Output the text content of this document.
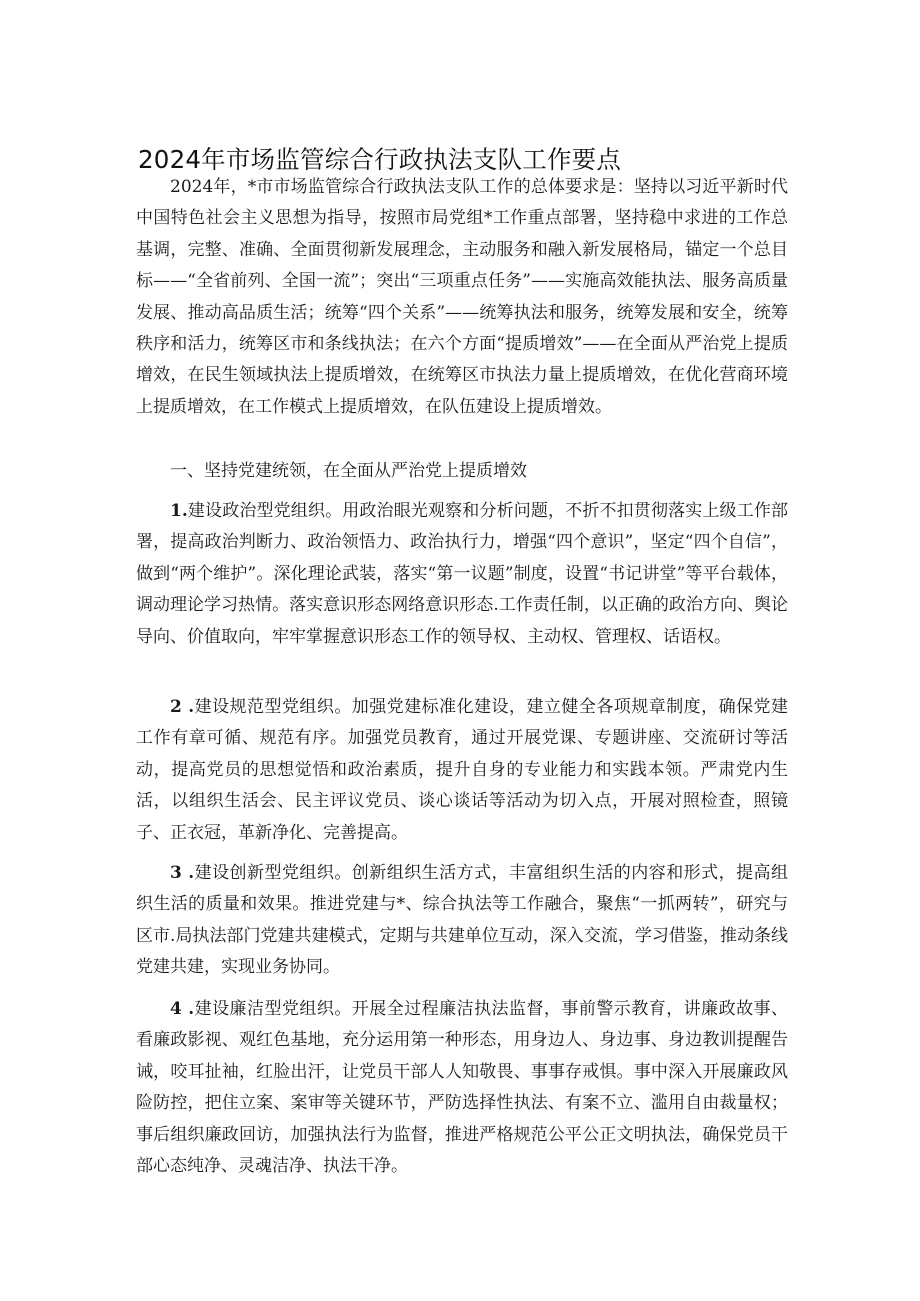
2024年市场监管综合行政执法支队工作要点

2024年，*市市场监管综合行政执法支队工作的总体要求是：坚持以习近平新时代中国特色社会主义思想为指导，按照市局党组*工作重点部署，坚持稳中求进的工作总基调，完整、准确、全面贯彻新发展理念，主动服务和融入新发展格局，锚定一个总目标——“全省前列、全国一流”；突出“三项重点任务”——实施高效能执法、服务高质量发展、推动高品质生活；统筹“四个关系”——统筹执法和服务，统筹发展和安全，统筹秩序和活力，统筹区市和条线执法；在六个方面“提质增效”——在全面从严治党上提质增效，在民生领域执法上提质增效，在统筹区市执法力量上提质增效，在优化营商环境上提质增效，在工作模式上提质增效，在队伍建设上提质增效。

一、坚持党建统领，在全面从严治党上提质增效

1.建设政治型党组织。用政治眼光观察和分析问题，不折不扣贯彻落实上级工作部署，提高政治判断力、政治领悟力、政治执行力，增强“四个意识”，坚定“四个自信”，做到“两个维护”。深化理论武装，落实“第一议题”制度，设置“书记讲堂”等平台载体，调动理论学习热情。落实意识形态网络意识形态.工作责任制，以正确的政治方向、舆论导向、价值取向，牢牢掌握意识形态工作的领导权、主动权、管理权、话语权。

2 .建设规范型党组织。加强党建标准化建设，建立健全各项规章制度，确保党建工作有章可循、规范有序。加强党员教育，通过开展党课、专题讲座、交流研讨等活动，提高党员的思想觉悟和政治素质，提升自身的专业能力和实践本领。严肃党内生活，以组织生活会、民主评议党员、谈心谈话等活动为切入点，开展对照检查，照镜子、正衣冠，革新净化、完善提高。

3 .建设创新型党组织。创新组织生活方式，丰富组织生活的内容和形式，提高组织生活的质量和效果。推进党建与*、综合执法等工作融合，聚焦“一抓两转”，研究与区市.局执法部门党建共建模式，定期与共建单位互动，深入交流，学习借鉴，推动条线党建共建，实现业务协同。

4 .建设廉洁型党组织。开展全过程廉洁执法监督，事前警示教育，讲廉政故事、看廉政影视、观红色基地，充分运用第一种形态，用身边人、身边事、身边教训提醒告诫，咬耳扯袖，红脸出汗，让党员干部人人知敬畏、事事存戒惧。事中深入开展廉政风险防控，把住立案、案审等关键环节，严防选择性执法、有案不立、滥用自由裁量权；事后组织廉政回访，加强执法行为监督，推进严格规范公平公正文明执法，确保党员干部心态纯净、灵魂洁净、执法干净。
